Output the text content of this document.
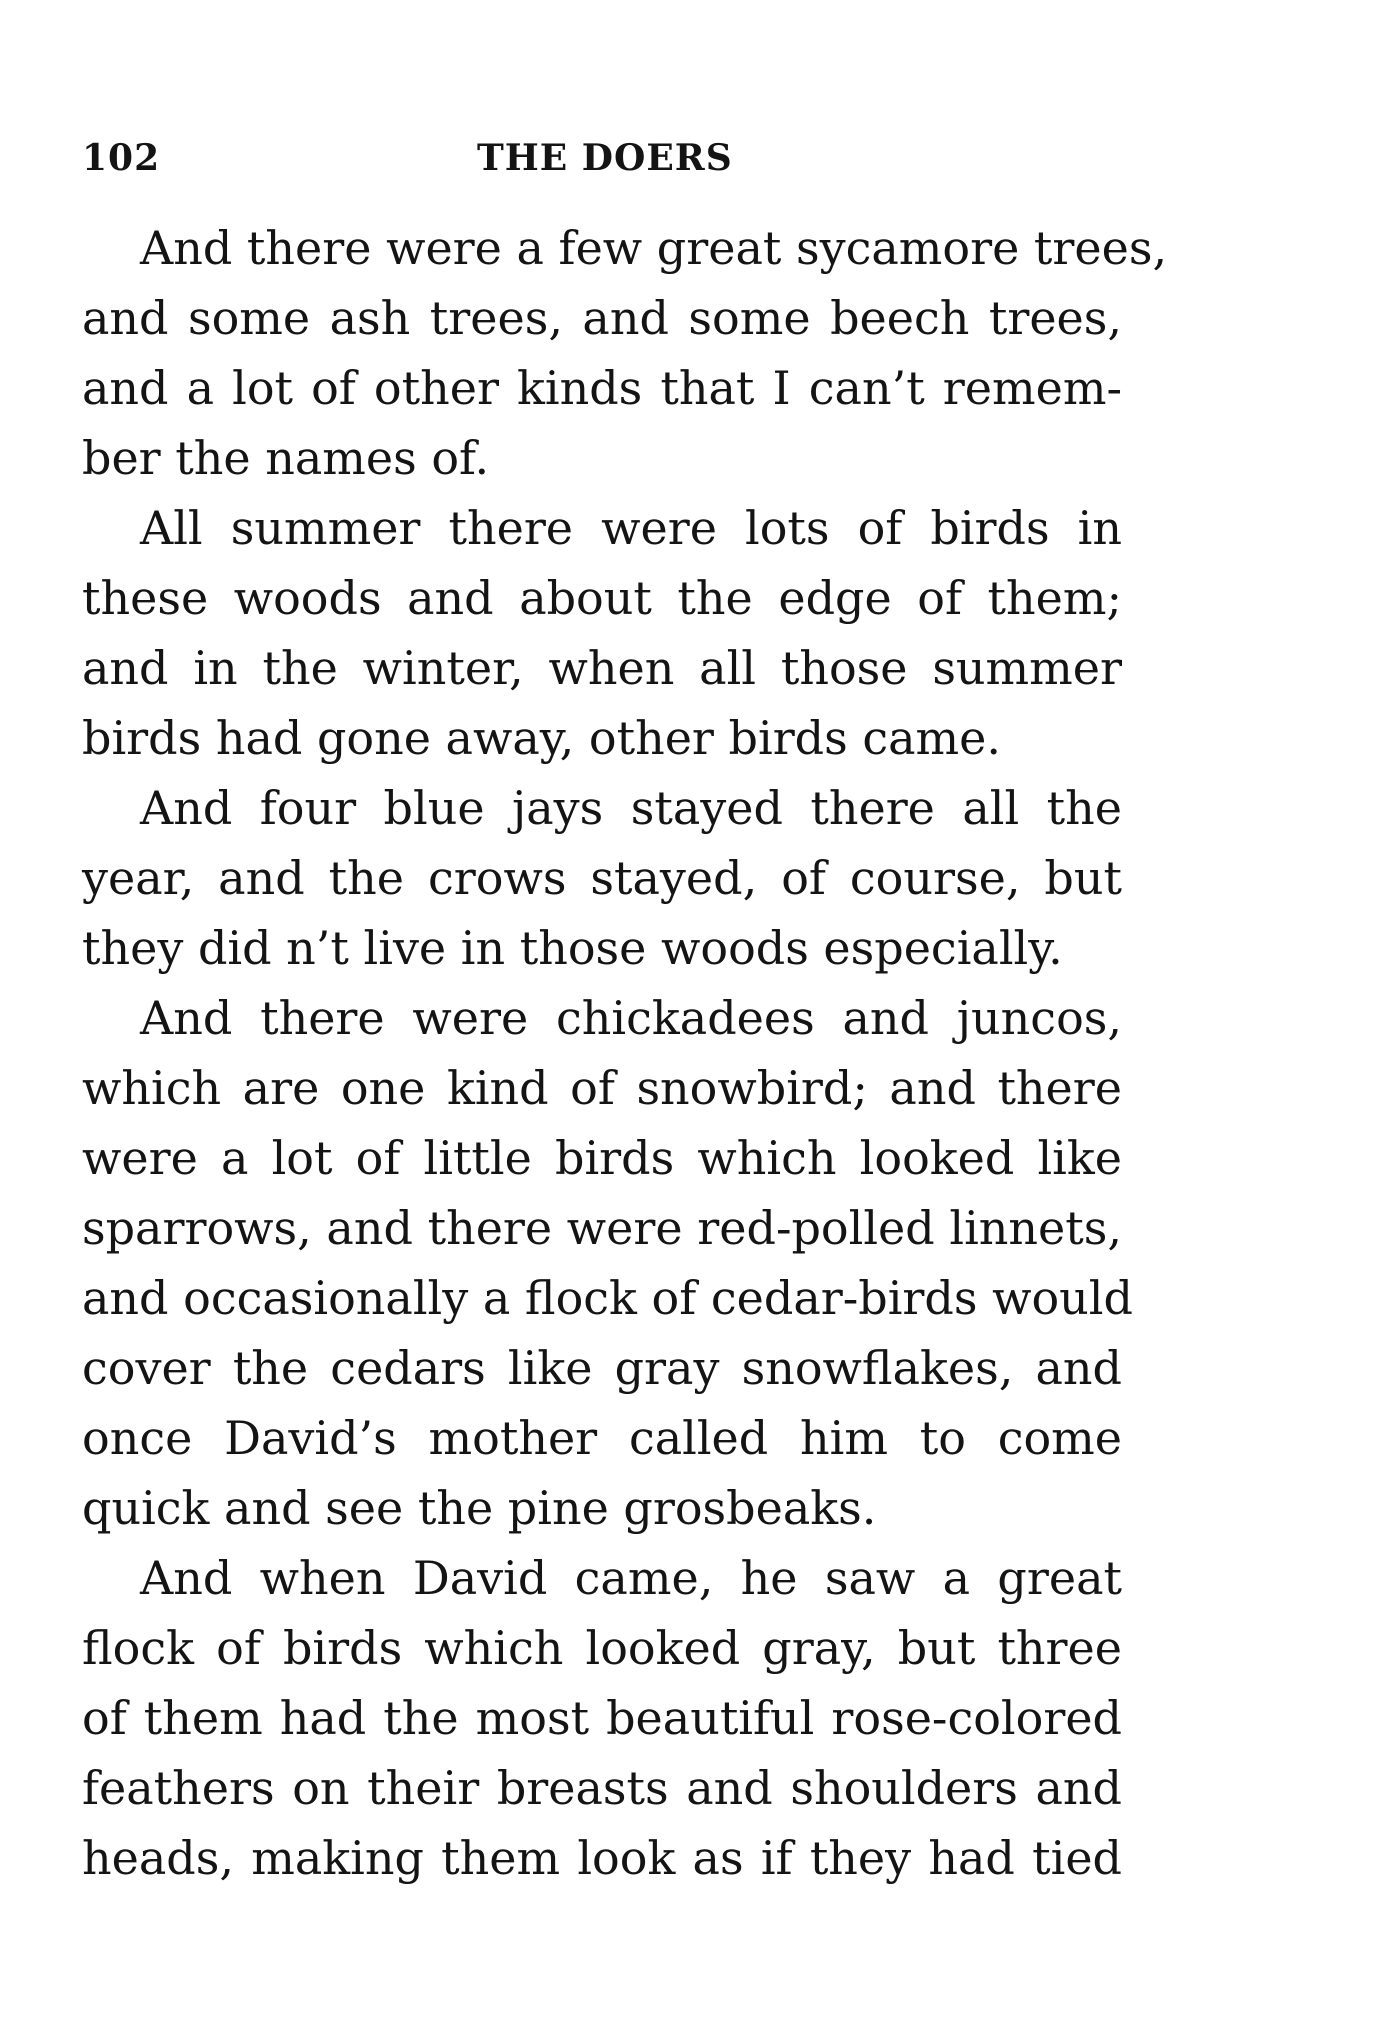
102	THE DOERS
And there were a few great sycamore trees,
and some ash trees, and some beech trees,
and a lot of other kinds that I can’t remem-
ber the names of.
All summer there were lots of birds in
these woods and about the edge of them;
and in the winter, when all those summer
birds had gone away, other birds came.
And four blue jays stayed there all the
year, and the crows stayed, of course, but
they did n’t live in those woods especially.
And there were chickadees and juncos,
which are one kind of snowbird; and there
were a lot of little birds which looked like
sparrows, and there were red-polled linnets,
and occasionally a flock of cedar-birds would
cover the cedars like gray snowflakes, and
once David’s mother called him to come
quick and see the pine grosbeaks.
And when David came, he saw a great
flock of birds which looked gray, but three
of them had the most beautiful rose-colored
feathers on their breasts and shoulders and
heads, making them look as if they had tied
